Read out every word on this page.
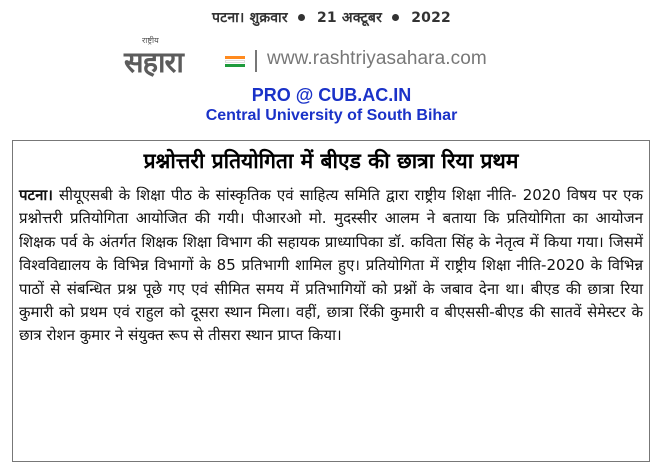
पटना। शुक्रवार 21 अक्टूबर 2022
राष्ट्रीय
सहारा	www.rashtriyasahara.com
PRO @ CUB.AC.IN
Central University of South Bihar
प्रश्नोत्तरी प्रतियोगिता में बीएड की छात्रा रिया प्रथम
पटना। सीयूएसबी के शिक्षा पीठ के सांस्कृतिक एवं साहित्य समिति द्वारा राष्ट्रीय शिक्षा नीति- 2020 विषय पर एक प्रश्नोत्तरी प्रतियोगिता आयोजित की गयी। पीआरओ मो. मुदस्सीर आलम ने बताया कि प्रतियोगिता का आयोजन शिक्षक पर्व के अंतर्गत शिक्षक शिक्षा विभाग की सहायक प्राध्यापिका डॉ. कविता सिंह के नेतृत्व में किया गया। जिसमें विश्वविद्यालय के विभिन्न विभागों के 85 प्रतिभागी शामिल हुए। प्रतियोगिता में राष्ट्रीय शिक्षा नीति-2020 के विभिन्न पाठों से संबन्धित प्रश्न पूछे गए एवं सीमित समय में प्रतिभागियों को प्रश्नों के जबाव देना था। बीएड की छात्रा रिया कुमारी को प्रथम एवं राहुल को दूसरा स्थान मिला। वहीं, छात्रा रिंकी कुमारी व बीएससी-बीएड की सातवें सेमेस्टर के छात्र रोशन कुमार ने संयुक्त रूप से तीसरा स्थान प्राप्त किया।
